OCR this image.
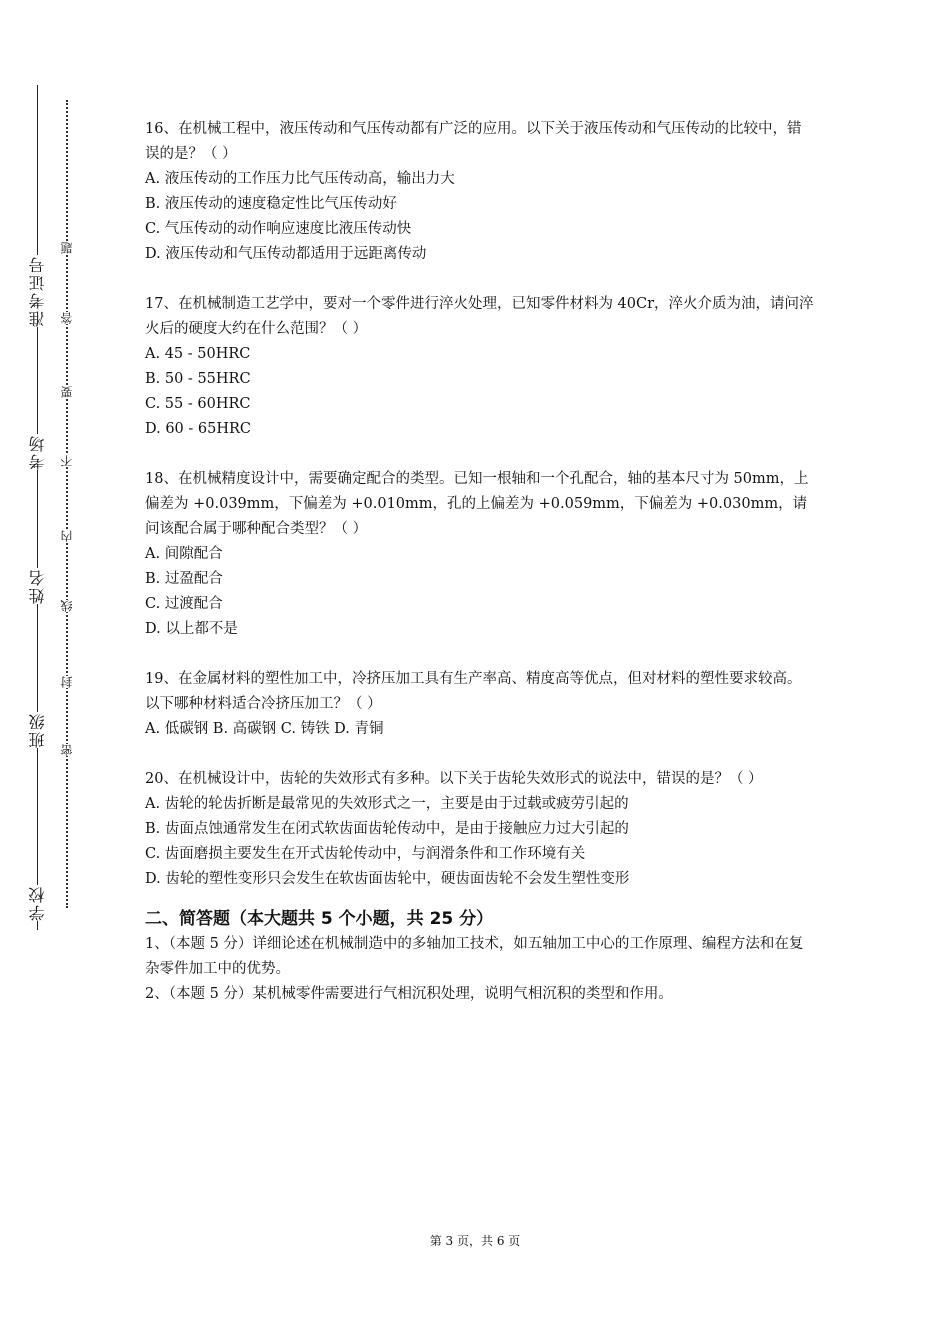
学校
班级
姓名
考场
准考证号
密
封
线
内
不
要
答
题

16、在机械工程中，液压传动和气压传动都有广泛的应用。以下关于液压传动和气压传动的比较中，错误的是？（ ）

A. 液压传动的工作压力比气压传动高，输出力大

B. 液压传动的速度稳定性比气压传动好

C. 气压传动的动作响应速度比液压传动快

D. 液压传动和气压传动都适用于远距离传动

17、在机械制造工艺学中，要对一个零件进行淬火处理，已知零件材料为 40Cr，淬火介质为油，请问淬火后的硬度大约在什么范围？（ ）

A. 45 - 50HRC

B. 50 - 55HRC

C. 55 - 60HRC

D. 60 - 65HRC

18、在机械精度设计中，需要确定配合的类型。已知一根轴和一个孔配合，轴的基本尺寸为 50mm，上偏差为 +0.039mm，下偏差为 +0.010mm，孔的上偏差为 +0.059mm，下偏差为 +0.030mm，请问该配合属于哪种配合类型？（ ）

A. 间隙配合

B. 过盈配合

C. 过渡配合

D. 以上都不是

19、在金属材料的塑性加工中，冷挤压加工具有生产率高、精度高等优点，但对材料的塑性要求较高。以下哪种材料适合冷挤压加工？（ ）

A. 低碳钢 B. 高碳钢 C. 铸铁 D. 青铜

20、在机械设计中，齿轮的失效形式有多种。以下关于齿轮失效形式的说法中，错误的是？（ ）

A. 齿轮的轮齿折断是最常见的失效形式之一，主要是由于过载或疲劳引起的

B. 齿面点蚀通常发生在闭式软齿面齿轮传动中，是由于接触应力过大引起的

C. 齿面磨损主要发生在开式齿轮传动中，与润滑条件和工作环境有关

D. 齿轮的塑性变形只会发生在软齿面齿轮中，硬齿面齿轮不会发生塑性变形

二、简答题（本大题共 5 个小题，共 25 分）

1、（本题 5 分）详细论述在机械制造中的多轴加工技术，如五轴加工中心的工作原理、编程方法和在复杂零件加工中的优势。

2、（本题 5 分）某机械零件需要进行气相沉积处理，说明气相沉积的类型和作用。

第 3 页，共 6 页
